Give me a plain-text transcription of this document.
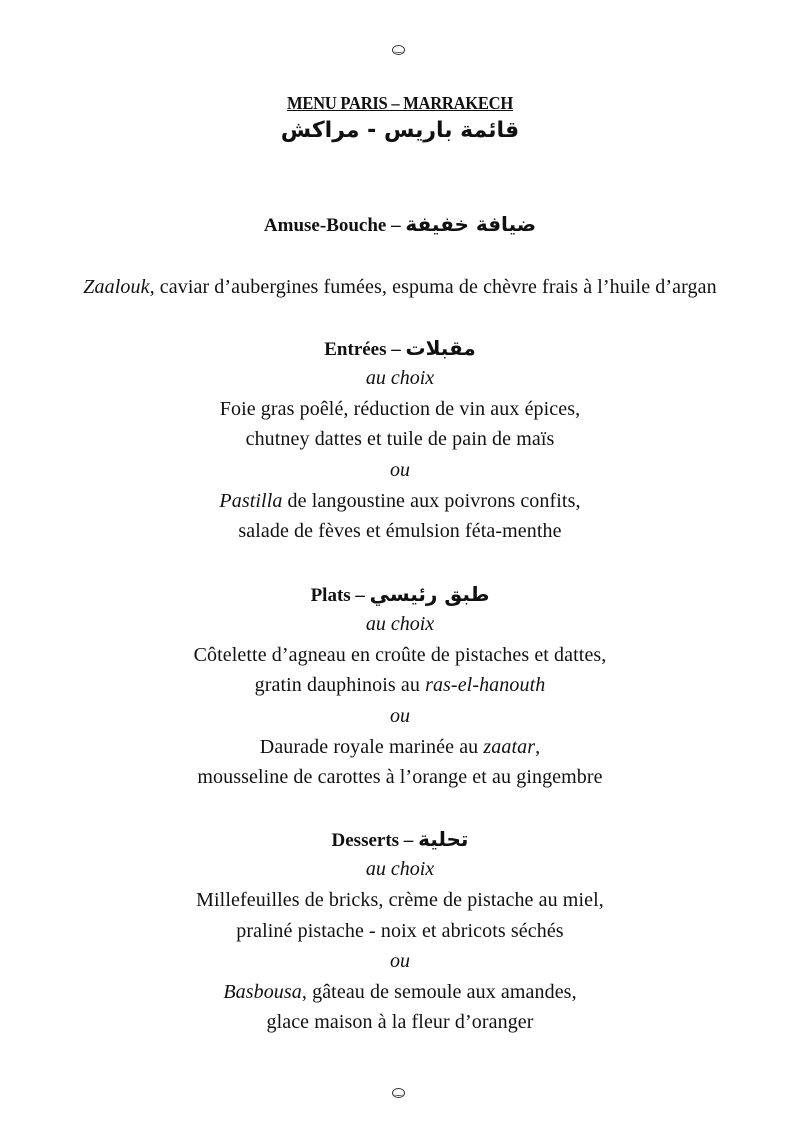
MENU PARIS – MARRAKECH
قائمة باريس - مراكش
Amuse-Bouche – ضيافة خفيفة
Zaalouk, caviar d’aubergines fumées, espuma de chèvre frais à l’huile d’argan
Entrées – مقبلات
au choix
Foie gras poêlé, réduction de vin aux épices,
chutney dattes et tuile de pain de maïs
ou
Pastilla de langoustine aux poivrons confits,
salade de fèves et émulsion féta-menthe
Plats – طبق رئيسي
au choix
Côtelette d’agneau en croûte de pistaches et dattes,
gratin dauphinois au ras-el-hanouth
ou
Daurade royale marinée au zaatar,
mousseline de carottes à l’orange et au gingembre
Desserts – تحلية
au choix
Millefeuilles de bricks, crème de pistache au miel,
praliné pistache - noix et abricots séchés
ou
Basbousa, gâteau de semoule aux amandes,
glace maison à la fleur d’oranger
